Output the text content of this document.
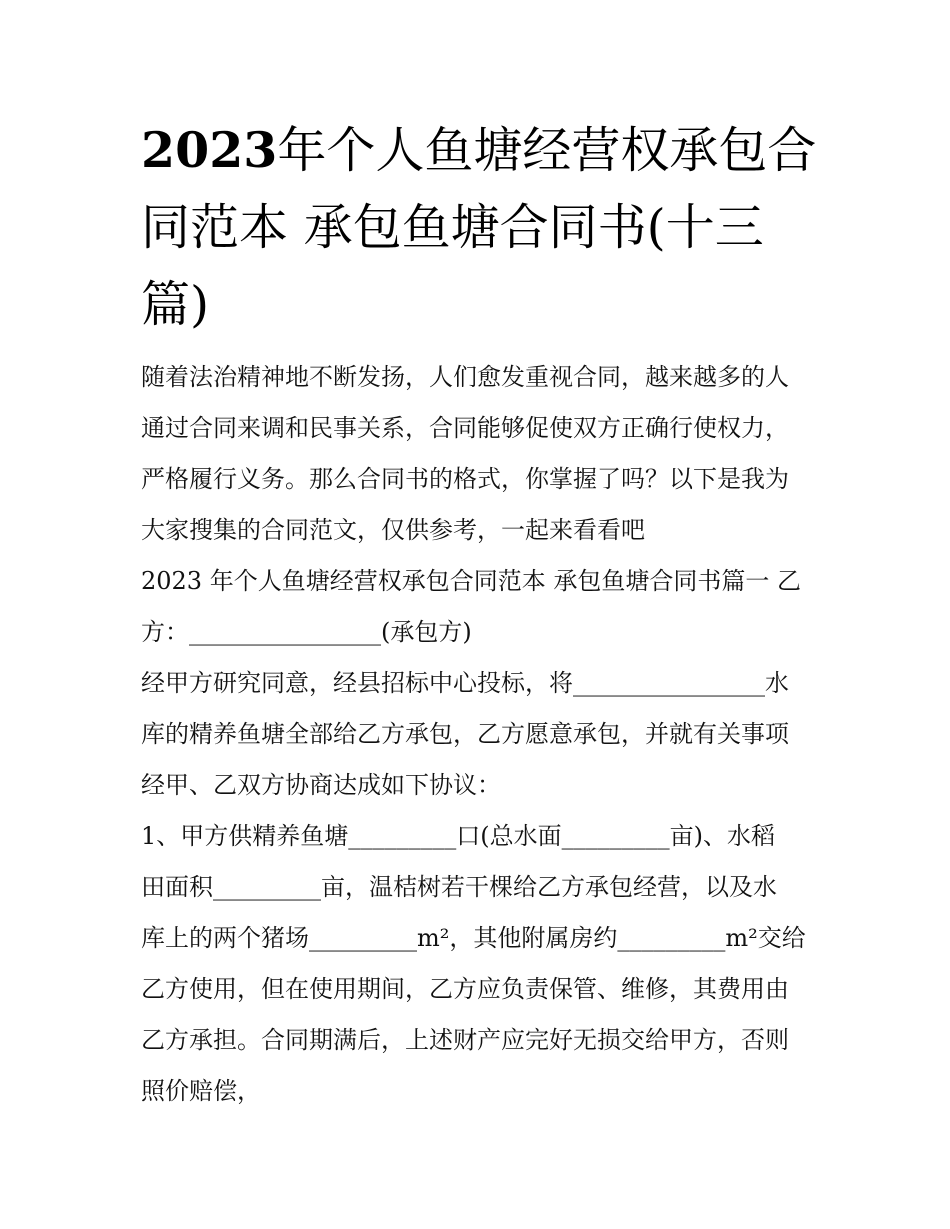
2023年个人鱼塘经营权承包合
同范本 承包鱼塘合同书(十三
篇)
随着法治精神地不断发扬，人们愈发重视合同，越来越多的人
通过合同来调和民事关系，合同能够促使双方正确行使权力，
严格履行义务。那么合同书的格式，你掌握了吗？以下是我为
大家搜集的合同范文，仅供参考，一起来看看吧
2023 年个人鱼塘经营权承包合同范本 承包鱼塘合同书篇一 乙
方：________________(承包方)
经甲方研究同意，经县招标中心投标，将________________水
库的精养鱼塘全部给乙方承包，乙方愿意承包，并就有关事项
经甲、乙双方协商达成如下协议：
1、甲方供精养鱼塘_________口(总水面_________亩)、水稻
田面积_________亩，温桔树若干棵给乙方承包经营，以及水
库上的两个猪场_________m²，其他附属房约_________m²交给
乙方使用，但在使用期间，乙方应负责保管、维修，其费用由
乙方承担。合同期满后，上述财产应完好无损交给甲方，否则
照价赔偿，
